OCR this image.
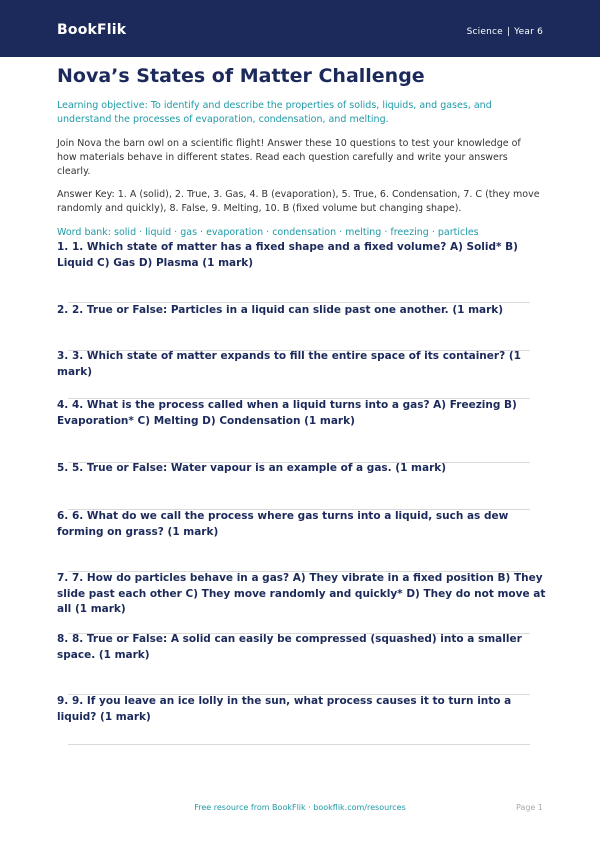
BookFlik	Science | Year 6
Nova’s States of Matter Challenge

Learning objective: To identify and describe the properties of solids, liquids, and gases, and understand the processes of evaporation, condensation, and melting.

Join Nova the barn owl on a scientific flight! Answer these 10 questions to test your knowledge of how materials behave in different states. Read each question carefully and write your answers clearly.

Answer Key: 1. A (solid), 2. True, 3. Gas, 4. B (evaporation), 5. True, 6. Condensation, 7. C (they move randomly and quickly), 8. False, 9. Melting, 10. B (fixed volume but changing shape).

Word bank: solid · liquid · gas · evaporation · condensation · melting · freezing · particles

1. 1. Which state of matter has a fixed shape and a fixed volume? A) Solid* B) Liquid C) Gas D) Plasma (1 mark)
2. 2. True or False: Particles in a liquid can slide past one another. (1 mark)
3. 3. Which state of matter expands to fill the entire space of its container? (1 mark)
4. 4. What is the process called when a liquid turns into a gas? A) Freezing B) Evaporation* C) Melting D) Condensation (1 mark)
5. 5. True or False: Water vapour is an example of a gas. (1 mark)
6. 6. What do we call the process where gas turns into a liquid, such as dew forming on grass? (1 mark)
7. 7. How do particles behave in a gas? A) They vibrate in a fixed position B) They slide past each other C) They move randomly and quickly* D) They do not move at all (1 mark)
8. 8. True or False: A solid can easily be compressed (squashed) into a smaller space. (1 mark)
9. 9. If you leave an ice lolly in the sun, what process causes it to turn into a liquid? (1 mark)
Free resource from BookFlik · bookflik.com/resources	Page 1
